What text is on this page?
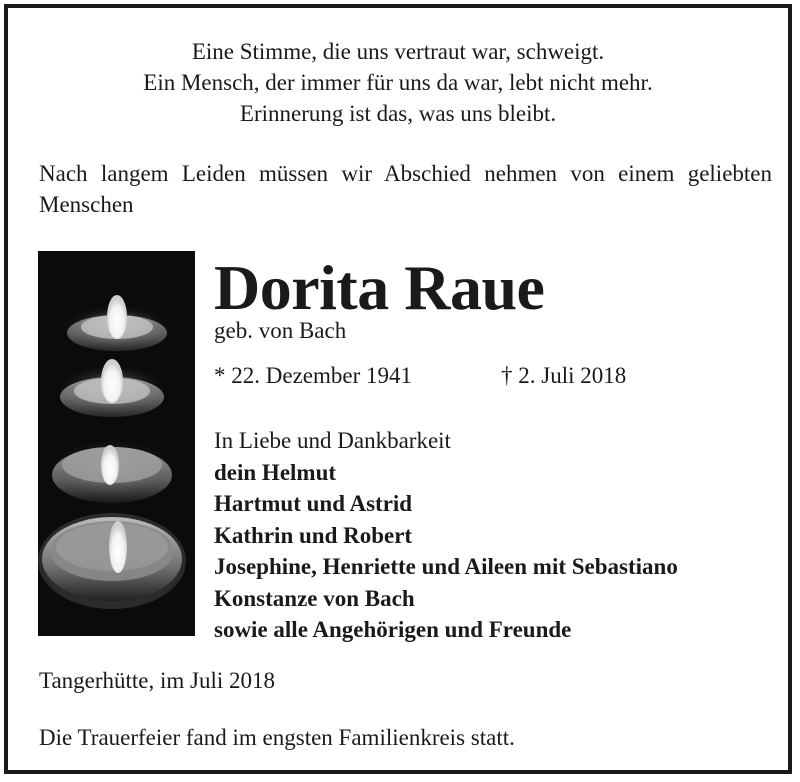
Eine Stimme, die uns vertraut war, schweigt.
Ein Mensch, der immer für uns da war, lebt nicht mehr.
Erinnerung ist das, was uns bleibt.
Nach langem Leiden müssen wir Abschied nehmen von einem geliebten Menschen
Dorita Raue
geb. von Bach
* 22. Dezember 1941	† 2. Juli 2018
In Liebe und Dankbarkeit
dein Helmut
Hartmut und Astrid
Kathrin und Robert
Josephine, Henriette und Aileen mit Sebastiano
Konstanze von Bach
sowie alle Angehörigen und Freunde
Tangerhütte, im Juli 2018
Die Trauerfeier fand im engsten Familienkreis statt.
